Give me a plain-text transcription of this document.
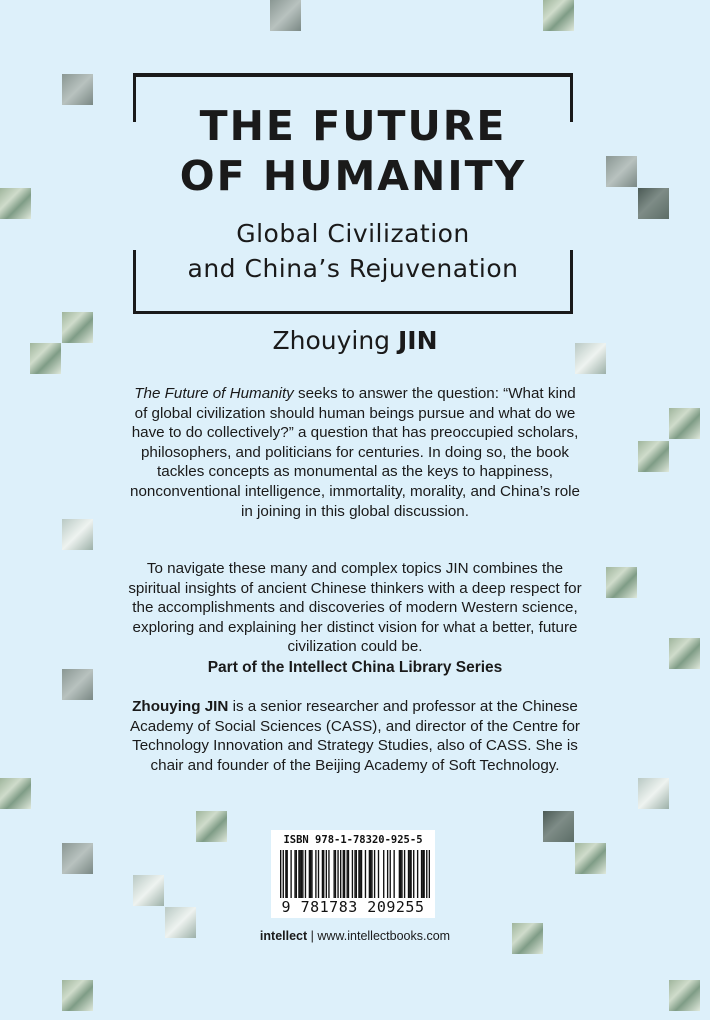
THE FUTURE
OF HUMANITY
Global Civilization
and China’s Rejuvenation
Zhouying JIN

The Future of Humanity seeks to answer the question: “What kind of global civilization should human beings pursue and what do we have to do collectively?” a question that has preoccupied scholars, philosophers, and politicians for centuries. In doing so, the book tackles concepts as monumental as the keys to happiness, nonconventional intelligence, immortality, morality, and China’s role in joining in this global discussion.

To navigate these many and complex topics JIN combines the spiritual insights of ancient Chinese thinkers with a deep respect for the accomplishments and discoveries of modern Western science, exploring and explaining her distinct vision for what a better, future civilization could be.

Part of the Intellect China Library Series

Zhouying JIN is a senior researcher and professor at the Chinese Academy of Social Sciences (CASS), and director of the Centre for Technology Innovation and Strategy Studies, also of CASS. She is chair and founder of the Beijing Academy of Soft Technology.

ISBN 978-1-78320-925-5
9 781783 209255
intellect | www.intellectbooks.com
